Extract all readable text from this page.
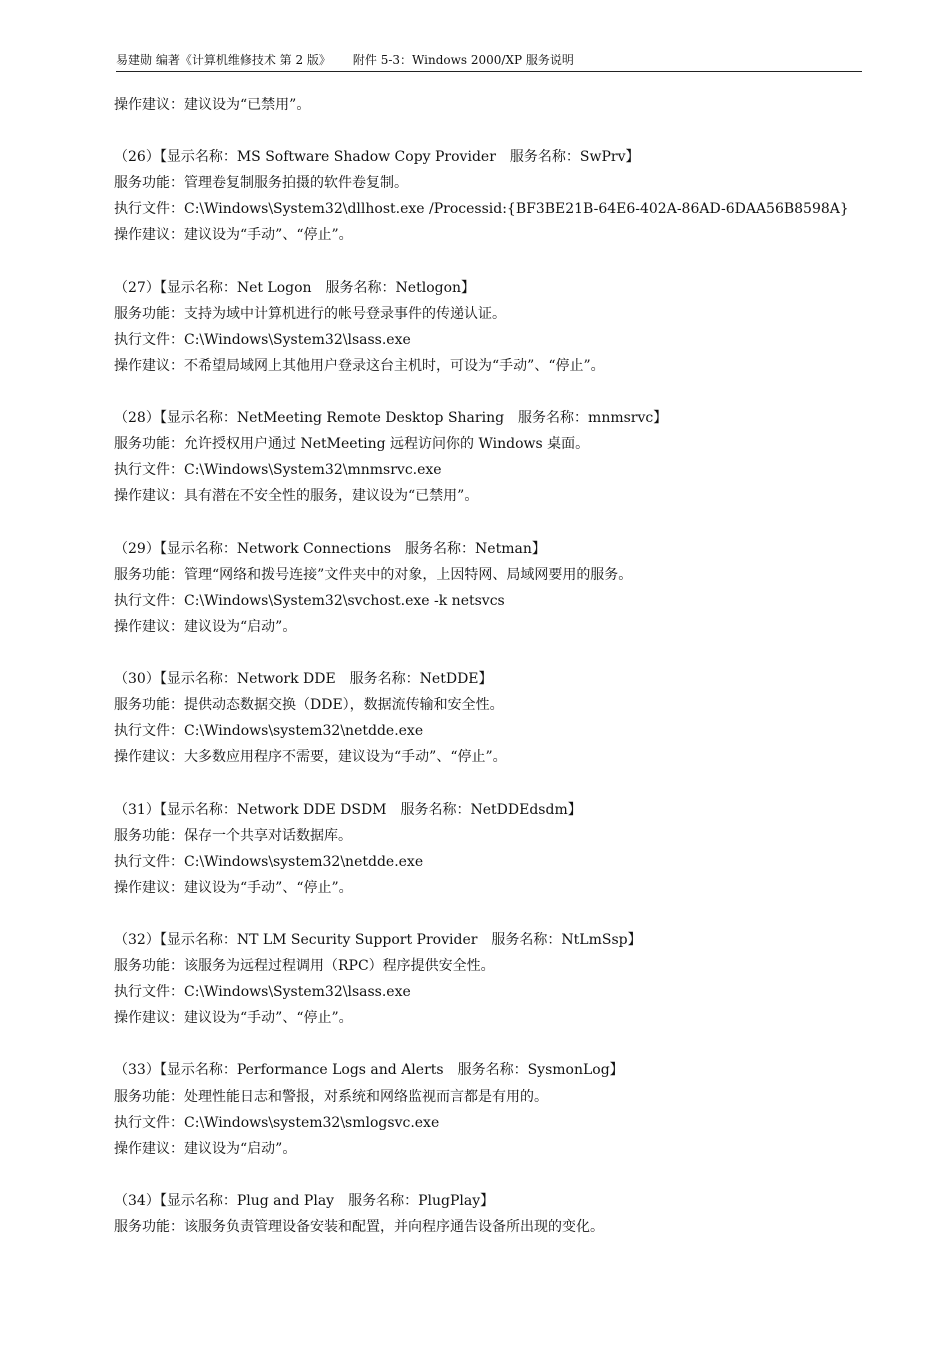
易建勋 编著《计算机维修技术 第 2 版》 附件 5-3：Windows 2000/XP 服务说明
操作建议：建议设为“已禁用”。
（26）【显示名称：MS Software Shadow Copy Provider　服务名称：SwPrv】
服务功能：管理卷复制服务拍摄的软件卷复制。
执行文件：C:\Windows\System32\dllhost.exe /Processid:{BF3BE21B-64E6-402A-86AD-6DAA56B8598A}
操作建议：建议设为“手动”、“停止”。
（27）【显示名称：Net Logon　服务名称：Netlogon】
服务功能：支持为域中计算机进行的帐号登录事件的传递认证。
执行文件：C:\Windows\System32\lsass.exe
操作建议：不希望局域网上其他用户登录这台主机时，可设为“手动”、“停止”。
（28）【显示名称：NetMeeting Remote Desktop Sharing　服务名称：mnmsrvc】
服务功能：允许授权用户通过 NetMeeting 远程访问你的 Windows 桌面。
执行文件：C:\Windows\System32\mnmsrvc.exe
操作建议：具有潜在不安全性的服务，建议设为“已禁用”。
（29）【显示名称：Network Connections　服务名称：Netman】
服务功能：管理“网络和拨号连接”文件夹中的对象，上因特网、局域网要用的服务。
执行文件：C:\Windows\System32\svchost.exe -k netsvcs
操作建议：建议设为“启动”。
（30）【显示名称：Network DDE　服务名称：NetDDE】
服务功能：提供动态数据交换（DDE），数据流传输和安全性。
执行文件：C:\Windows\system32\netdde.exe
操作建议：大多数应用程序不需要，建议设为“手动”、“停止”。
（31）【显示名称：Network DDE DSDM　服务名称：NetDDEdsdm】
服务功能：保存一个共享对话数据库。
执行文件：C:\Windows\system32\netdde.exe
操作建议：建议设为“手动”、“停止”。
（32）【显示名称：NT LM Security Support Provider　服务名称：NtLmSsp】
服务功能：该服务为远程过程调用（RPC）程序提供安全性。
执行文件：C:\Windows\System32\lsass.exe
操作建议：建议设为“手动”、“停止”。
（33）【显示名称：Performance Logs and Alerts　服务名称：SysmonLog】
服务功能：处理性能日志和警报，对系统和网络监视而言都是有用的。
执行文件：C:\Windows\system32\smlogsvc.exe
操作建议：建议设为“启动”。
（34）【显示名称：Plug and Play　服务名称：PlugPlay】
服务功能：该服务负责管理设备安装和配置，并向程序通告设备所出现的变化。
